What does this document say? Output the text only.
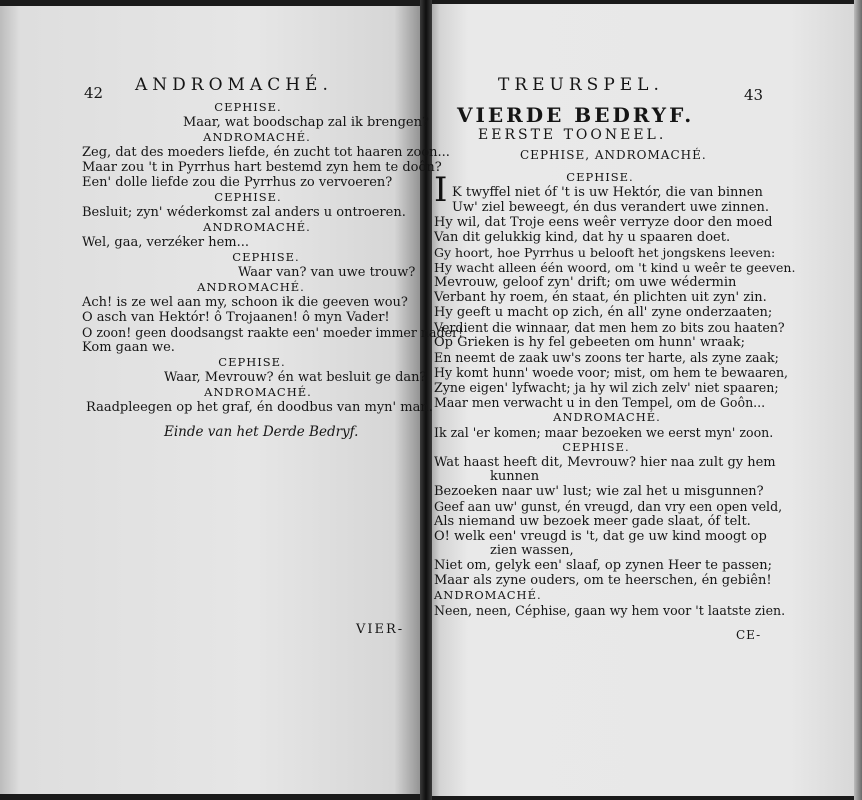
42 ANDROMACHÉ.
CEPHISE.
Maar, wat boodschap zal ik brengen?
ANDROMACHÉ.
Zeg, dat des moeders liefde, én zucht tot haaren zoon...
Maar zou 't in Pyrrhus hart bestemd zyn hem te doôn?
Een' dolle liefde zou die Pyrrhus zo vervoeren?
CEPHISE.
Besluit; zyn' wéderkomst zal anders u ontroeren.
ANDROMACHÉ.
Wel, gaa, verzéker hem...
CEPHISE.
Waar van? van uwe trouw?
ANDROMACHÉ.
Ach! is ze wel aan my, schoon ik die geeven wou?
O asch van Hektór! ô Trojaanen! ô myn Vader!
O zoon! geen doodsangst raakte een' moeder immer nader!
Kom gaan we.
CEPHISE.
Waar, Mevrouw? én wat besluit ge dan?
ANDROMACHÉ.
Raadpleegen op het graf, én doodbus van myn' man.
Einde van het Derde Bedryf.
VIER-
TREURSPEL.	43
VIERDE BEDRYF.
EERSTE TOONEEL.
CEPHISE, ANDROMACHÉ.
CEPHISE.
I K twyffel niet óf 't is uw Hektór, die van binnen
Uw' ziel beweegt, én dus verandert uwe zinnen.
Hy wil, dat Troje eens weêr verryze door den moed
Van dit gelukkig kind, dat hy u spaaren doet.
Gy hoort, hoe Pyrrhus u belooft het jongskens leeven:
Hy wacht alleen één woord, om 't kind u weêr te geeven.
Mevrouw, geloof zyn' drift; om uwe wédermin
Verbant hy roem, én staat, én plichten uit zyn' zin.
Hy geeft u macht op zich, én all' zyne onderzaaten;
Verdient die winnaar, dat men hem zo bits zou haaten?
Op Grieken is hy fel gebeeten om hunn' wraak;
En neemt de zaak uw's zoons ter harte, als zyne zaak;
Hy komt hunn' woede voor; mist, om hem te bewaaren,
Zyne eigen' lyfwacht; ja hy wil zich zelv' niet spaaren;
Maar men verwacht u in den Tempel, om de Goôn...
ANDROMACHÉ.
Ik zal 'er komen; maar bezoeken we eerst myn' zoon.
CEPHISE.
Wat haast heeft dit, Mevrouw? hier naa zult gy hem
kunnen
Bezoeken naar uw' lust; wie zal het u misgunnen?
Geef aan uw' gunst, én vreugd, dan vry een open veld,
Als niemand uw bezoek meer gade slaat, óf telt.
O! welk een' vreugd is 't, dat ge uw kind moogt op
zien wassen,
Niet om, gelyk een' slaaf, op zynen Heer te passen;
Maar als zyne ouders, om te heerschen, én gebiên!
ANDROMACHÉ.
Neen, neen, Céphise, gaan wy hem voor 't laatste zien.
CE-
